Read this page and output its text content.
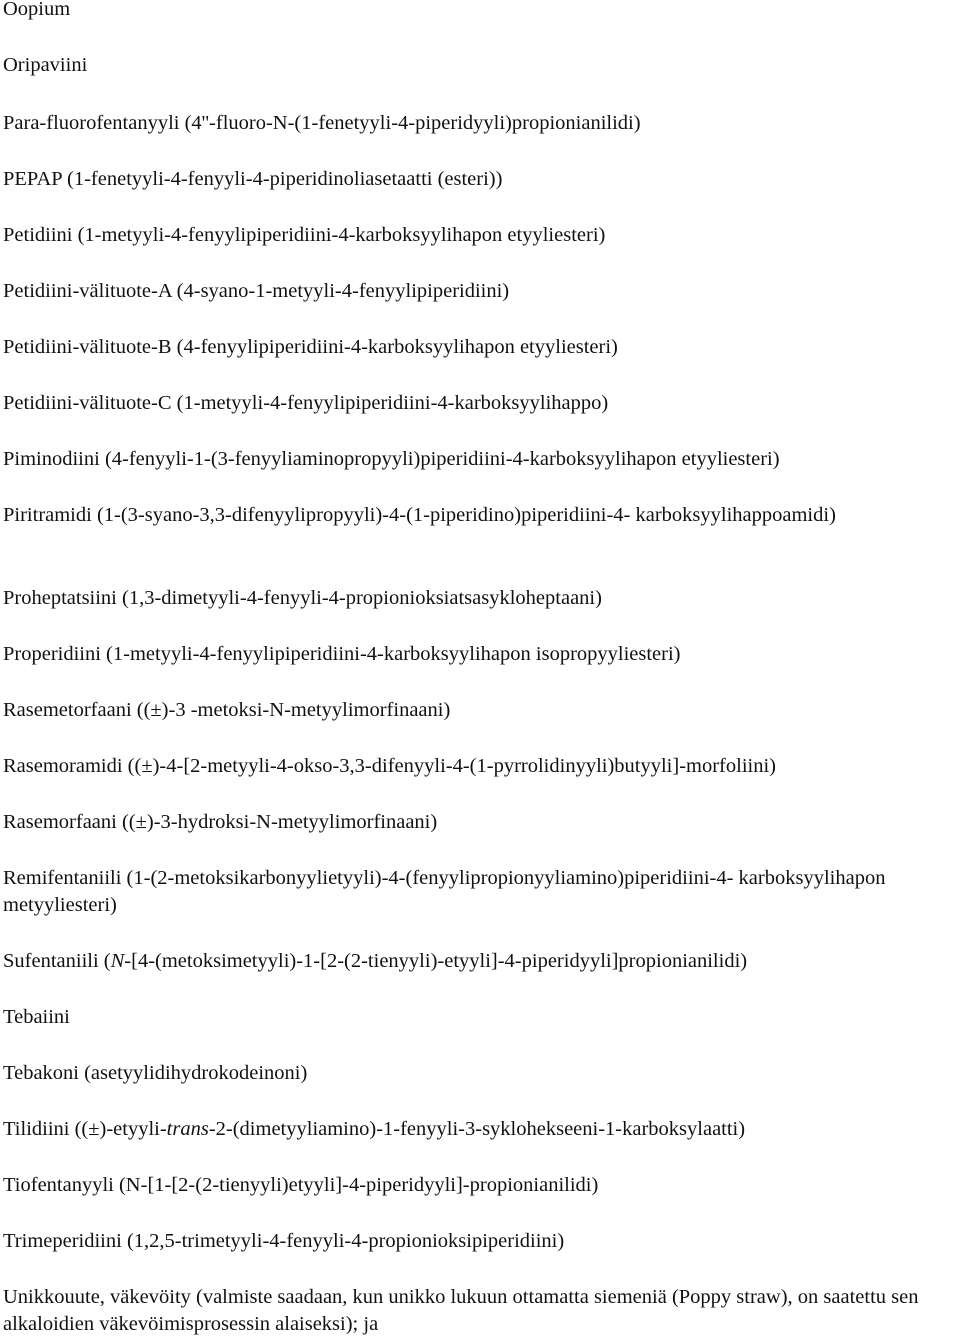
Oopium
Oripaviini
Para-fluorofentanyyli (4''-fluoro-N-(1-fenetyyli-4-piperidyyli)propionianilidi)
PEPAP (1-fenetyyli-4-fenyyli-4-piperidinoliasetaatti (esteri))
Petidiini (1-metyyli-4-fenyylipiperidiini-4-karboksyylihapon etyyliesteri)
Petidiini-välituote-A (4-syano-1-metyyli-4-fenyylipiperidiini)
Petidiini-välituote-B (4-fenyylipiperidiini-4-karboksyylihapon etyyliesteri)
Petidiini-välituote-C (1-metyyli-4-fenyylipiperidiini-4-karboksyylihappo)
Piminodiini (4-fenyyli-1-(3-fenyyliaminopropyyli)piperidiini-4-karboksyylihapon etyyliesteri)
Piritramidi (1-(3-syano-3,3-difenyylipropyyli)-4-(1-piperidino)piperidiini-4- karboksyylihappoamidi)
Proheptatsiini (1,3-dimetyyli-4-fenyyli-4-propionioksiatsasykloheptaani)
Properidiini (1-metyyli-4-fenyylipiperidiini-4-karboksyylihapon isopropyyliesteri)
Rasemetorfaani ((±)-3 -metoksi-N-metyylimorfinaani)
Rasemoramidi ((±)-4-[2-metyyli-4-okso-3,3-difenyyli-4-(1-pyrrolidinyyli)butyyli]-morfoliini)
Rasemorfaani ((±)-3-hydroksi-N-metyylimorfinaani)
Remifentaniili (1-(2-metoksikarbonyylietyyli)-4-(fenyylipropionyyliamino)piperidiini-4- karboksyylihapon metyyliesteri)
Sufentaniili (N-[4-(metoksimetyyli)-1-[2-(2-tienyyli)-etyyli]-4-piperidyyli]propionianilidi)
Tebaiini
Tebakoni (asetyylidihydrokodeinoni)
Tilidiini ((±)-etyyli-trans-2-(dimetyyliamino)-1-fenyyli-3-syklohekseeni-1-karboksylaatti)
Tiofentanyyli (N-[1-[2-(2-tienyyli)etyyli]-4-piperidyyli]-propionianilidi)
Trimeperidiini (1,2,5-trimetyyli-4-fenyyli-4-propionioksipiperidiini)
Unikkouute, väkevöity (valmiste saadaan, kun unikko lukuun ottamatta siemeniä (Poppy straw), on saatettu sen alkaloidien väkevöimisprosessin alaiseksi); ja
